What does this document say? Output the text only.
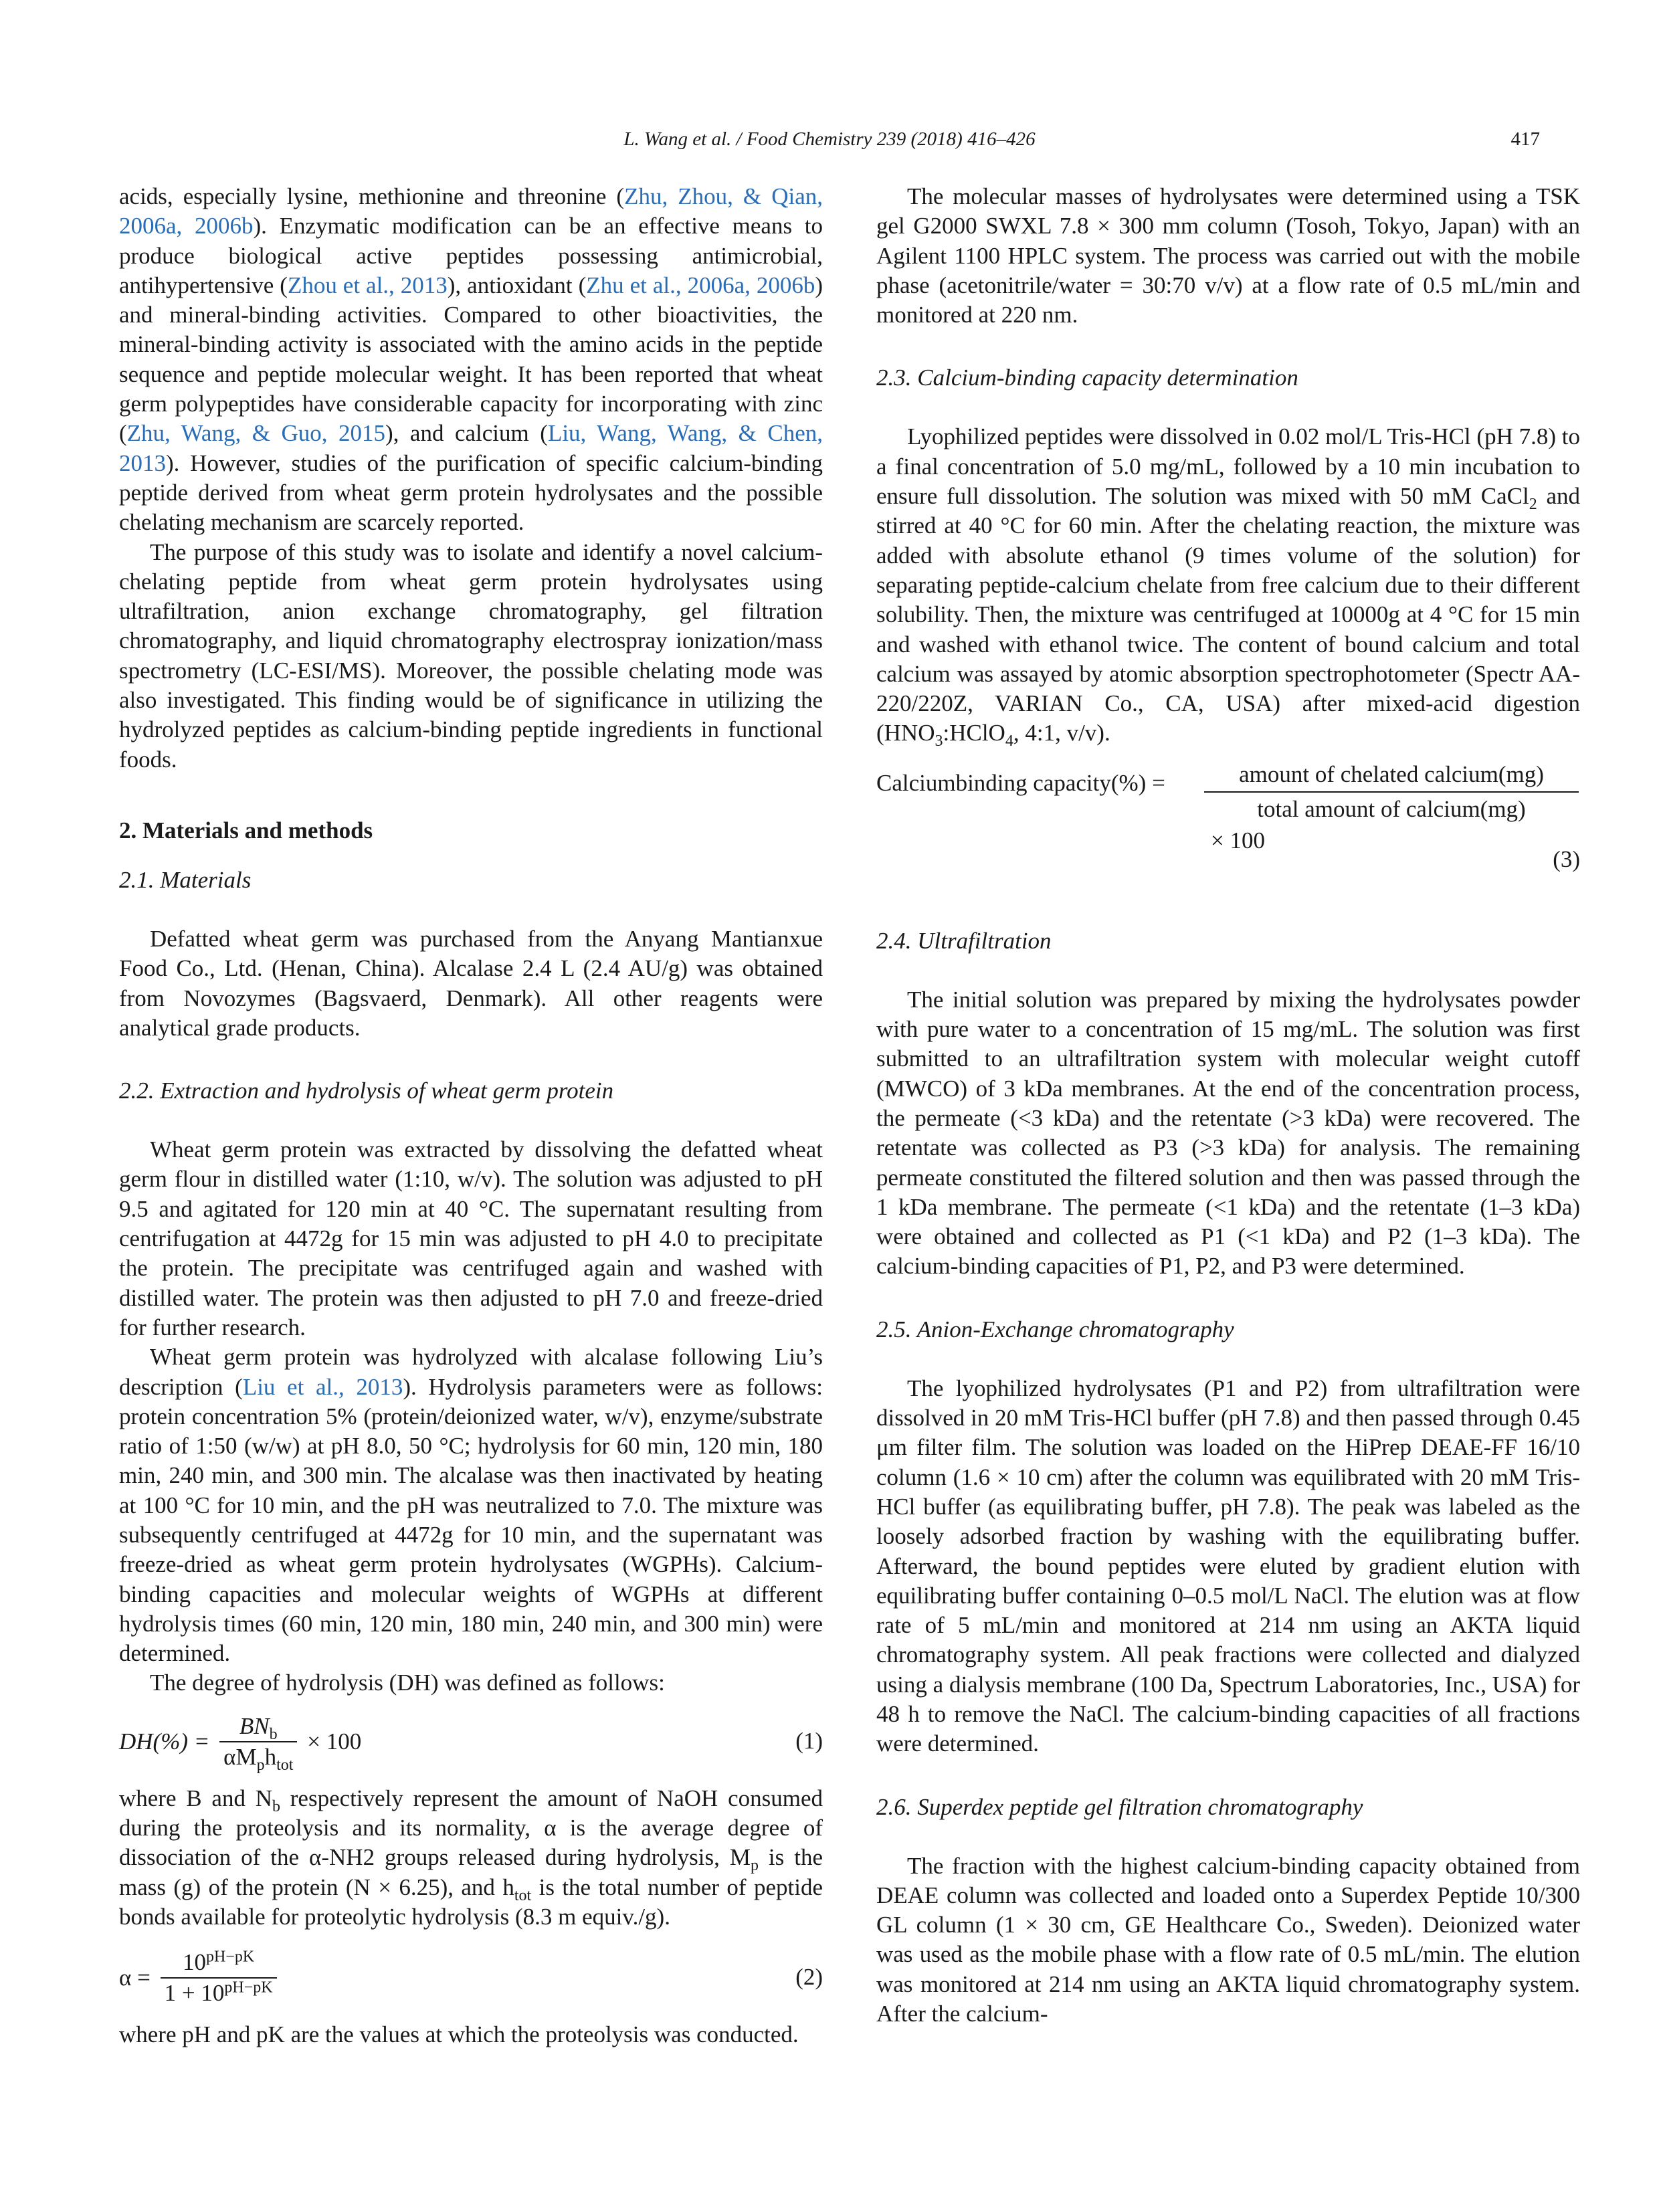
L. Wang et al. / Food Chemistry 239 (2018) 416–426	417

acids, especially lysine, methionine and threonine (Zhu, Zhou, & Qian, 2006a, 2006b). Enzymatic modification can be an effective means to produce biological active peptides possessing antimicrobial, antihypertensive (Zhou et al., 2013), antioxidant (Zhu et al., 2006a, 2006b) and mineral-binding activities. Compared to other bioactivities, the mineral-binding activity is associated with the amino acids in the peptide sequence and peptide molecular weight. It has been reported that wheat germ polypeptides have considerable capacity for incorporating with zinc (Zhu, Wang, & Guo, 2015), and calcium (Liu, Wang, Wang, & Chen, 2013). However, studies of the purification of specific calcium-binding peptide derived from wheat germ protein hydrolysates and the possible chelating mechanism are scarcely reported.

The purpose of this study was to isolate and identify a novel calcium-chelating peptide from wheat germ protein hydrolysates using ultrafiltration, anion exchange chromatography, gel filtration chromatography, and liquid chromatography electrospray ionization/mass spectrometry (LC-ESI/MS). Moreover, the possible chelating mode was also investigated. This finding would be of significance in utilizing the hydrolyzed peptides as calcium-binding peptide ingredients in functional foods.

2. Materials and methods
2.1. Materials

Defatted wheat germ was purchased from the Anyang Mantianxue Food Co., Ltd. (Henan, China). Alcalase 2.4 L (2.4 AU/g) was obtained from Novozymes (Bagsvaerd, Denmark). All other reagents were analytical grade products.

2.2. Extraction and hydrolysis of wheat germ protein

Wheat germ protein was extracted by dissolving the defatted wheat germ flour in distilled water (1:10, w/v). The solution was adjusted to pH 9.5 and agitated for 120 min at 40 °C. The supernatant resulting from centrifugation at 4472g for 15 min was adjusted to pH 4.0 to precipitate the protein. The precipitate was centrifuged again and washed with distilled water. The protein was then adjusted to pH 7.0 and freeze-dried for further research.

Wheat germ protein was hydrolyzed with alcalase following Liu’s description (Liu et al., 2013). Hydrolysis parameters were as follows: protein concentration 5% (protein/deionized water, w/v), enzyme/substrate ratio of 1:50 (w/w) at pH 8.0, 50 °C; hydrolysis for 60 min, 120 min, 180 min, 240 min, and 300 min. The alcalase was then inactivated by heating at 100 °C for 10 min, and the pH was neutralized to 7.0. The mixture was subsequently centrifuged at 4472g for 10 min, and the supernatant was freeze-dried as wheat germ protein hydrolysates (WGPHs). Calcium-binding capacities and molecular weights of WGPHs at different hydrolysis times (60 min, 120 min, 180 min, 240 min, and 300 min) were determined.

The degree of hydrolysis (DH) was defined as follows:

$DH(\%) = \frac{BN_b}{\alpha M_ph_{tot}} \times 100$	(1)

where B and $N_b$ respectively represent the amount of NaOH consumed during the proteolysis and its normality, α is the average degree of dissociation of the α-NH2 groups released during hydrolysis, $M_p$ is the mass (g) of the protein (N × 6.25), and $h_{tot}$ is the total number of peptide bonds available for proteolytic hydrolysis (8.3 m equiv./g).

$\alpha = \frac{10^{pH-pK}}{1 + 10^{pH-pK}}$	(2)

where pH and pK are the values at which the proteolysis was conducted.

The molecular masses of hydrolysates were determined using a TSK gel G2000 SWXL 7.8 × 300 mm column (Tosoh, Tokyo, Japan) with an Agilent 1100 HPLC system. The process was carried out with the mobile phase (acetonitrile/water = 30:70 v/v) at a flow rate of 0.5 mL/min and monitored at 220 nm.

2.3. Calcium-binding capacity determination

Lyophilized peptides were dissolved in 0.02 mol/L Tris-HCl (pH 7.8) to a final concentration of 5.0 mg/mL, followed by a 10 min incubation to ensure full dissolution. The solution was mixed with 50 mM CaCl$_2$ and stirred at 40 °C for 60 min. After the chelating reaction, the mixture was added with absolute ethanol (9 times volume of the solution) for separating peptide-calcium chelate from free calcium due to their different solubility. Then, the mixture was centrifuged at 10000g at 4 °C for 15 min and washed with ethanol twice. The content of bound calcium and total calcium was assayed by atomic absorption spectrophotometer (Spectr AA-220/220Z, VARIAN Co., CA, USA) after mixed-acid digestion ($HNO_3:HClO_4$, 4:1, v/v).

Calciumbinding capacity(%) =	amount of chelated calcium(mg)
total amount of calcium(mg)
× 100
(3)
2.4. Ultrafiltration

The initial solution was prepared by mixing the hydrolysates powder with pure water to a concentration of 15 mg/mL. The solution was first submitted to an ultrafiltration system with molecular weight cutoff (MWCO) of 3 kDa membranes. At the end of the concentration process, the permeate (<3 kDa) and the retentate (>3 kDa) were recovered. The retentate was collected as P3 (>3 kDa) for analysis. The remaining permeate constituted the filtered solution and then was passed through the 1 kDa membrane. The permeate (<1 kDa) and the retentate (1–3 kDa) were obtained and collected as P1 (<1 kDa) and P2 (1–3 kDa). The calcium-binding capacities of P1, P2, and P3 were determined.

2.5. Anion-Exchange chromatography

The lyophilized hydrolysates (P1 and P2) from ultrafiltration were dissolved in 20 mM Tris-HCl buffer (pH 7.8) and then passed through 0.45 μm filter film. The solution was loaded on the HiPrep DEAE-FF 16/10 column (1.6 × 10 cm) after the column was equilibrated with 20 mM Tris-HCl buffer (as equilibrating buffer, pH 7.8). The peak was labeled as the loosely adsorbed fraction by washing with the equilibrating buffer. Afterward, the bound peptides were eluted by gradient elution with equilibrating buffer containing 0–0.5 mol/L NaCl. The elution was at flow rate of 5 mL/min and monitored at 214 nm using an AKTA liquid chromatography system. All peak fractions were collected and dialyzed using a dialysis membrane (100 Da, Spectrum Laboratories, Inc., USA) for 48 h to remove the NaCl. The calcium-binding capacities of all fractions were determined.

2.6. Superdex peptide gel filtration chromatography

The fraction with the highest calcium-binding capacity obtained from DEAE column was collected and loaded onto a Superdex Peptide 10/300 GL column (1 × 30 cm, GE Healthcare Co., Sweden). Deionized water was used as the mobile phase with a flow rate of 0.5 mL/min. The elution was monitored at 214 nm using an AKTA liquid chromatography system. After the calcium-
